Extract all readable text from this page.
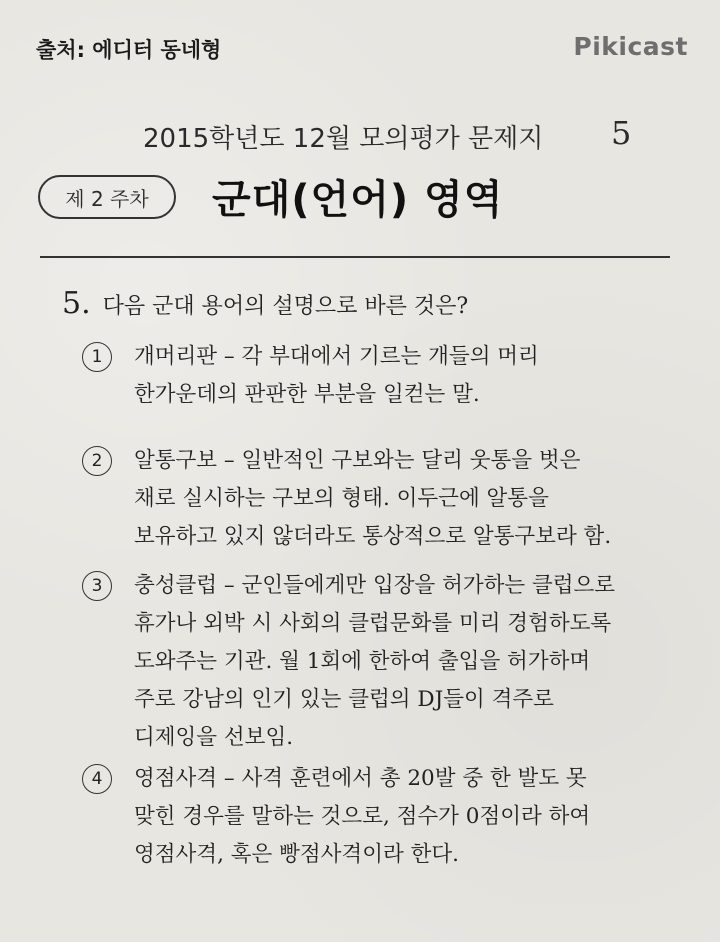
출처: 에디터 동네형	Pikicast
2015학년도 12월 모의평가 문제지 5
제 2 주차 군대(언어) 영역
5. 다음 군대 용어의 설명으로 바른 것은?
1	개머리판 – 각 부대에서 기르는 개들의 머리
한가운데의 판판한 부분을 일컫는 말.
2	알통구보 – 일반적인 구보와는 달리 웃통을 벗은
채로 실시하는 구보의 형태. 이두근에 알통을
보유하고 있지 않더라도 통상적으로 알통구보라 함.
3	충성클럽 – 군인들에게만 입장을 허가하는 클럽으로
휴가나 외박 시 사회의 클럽문화를 미리 경험하도록
도와주는 기관. 월 1회에 한하여 출입을 허가하며
주로 강남의 인기 있는 클럽의 DJ들이 격주로
디제잉을 선보임.
4	영점사격 – 사격 훈련에서 총 20발 중 한 발도 못
맞힌 경우를 말하는 것으로, 점수가 0점이라 하여
영점사격, 혹은 빵점사격이라 한다.
